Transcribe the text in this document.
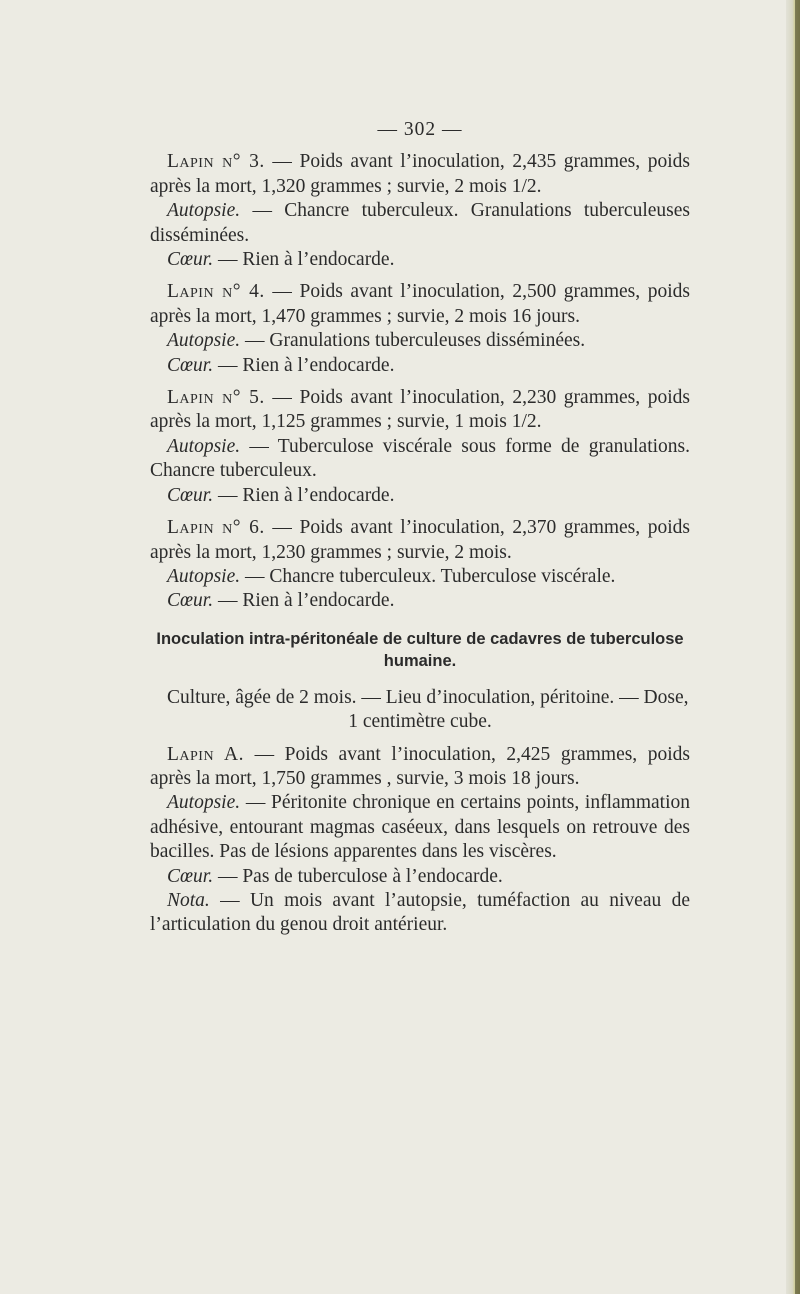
— 302 —

Lapin n° 3. — Poids avant l’inoculation, 2,435 grammes, poids après la mort, 1,320 grammes ; survie, 2 mois 1/2.

Autopsie. — Chancre tuberculeux. Granulations tuberculeuses disséminées.

Cœur. — Rien à l’endocarde.

Lapin n° 4. — Poids avant l’inoculation, 2,500 grammes, poids après la mort, 1,470 grammes ; survie, 2 mois 16 jours.

Autopsie. — Granulations tuberculeuses disséminées.

Cœur. — Rien à l’endocarde.

Lapin n° 5. — Poids avant l’inoculation, 2,230 grammes, poids après la mort, 1,125 grammes ; survie, 1 mois 1/2.

Autopsie. — Tuberculose viscérale sous forme de granulations. Chancre tuberculeux.

Cœur. — Rien à l’endocarde.

Lapin n° 6. — Poids avant l’inoculation, 2,370 grammes, poids après la mort, 1,230 grammes ; survie, 2 mois.

Autopsie. — Chancre tuberculeux. Tuberculose viscérale.

Cœur. — Rien à l’endocarde.

Inoculation intra-péritonéale de culture de cadavres de tuberculose humaine.

Culture, âgée de 2 mois. — Lieu d’inoculation, péritoine. — Dose,

1 centimètre cube.

Lapin A. — Poids avant l’inoculation, 2,425 grammes, poids après la mort, 1,750 grammes , survie, 3 mois 18 jours.

Autopsie. — Péritonite chronique en certains points, inflammation adhésive, entourant magmas caséeux, dans lesquels on retrouve des bacilles. Pas de lésions apparentes dans les viscères.

Cœur. — Pas de tuberculose à l’endocarde.

Nota. — Un mois avant l’autopsie, tuméfaction au niveau de l’articulation du genou droit antérieur.
